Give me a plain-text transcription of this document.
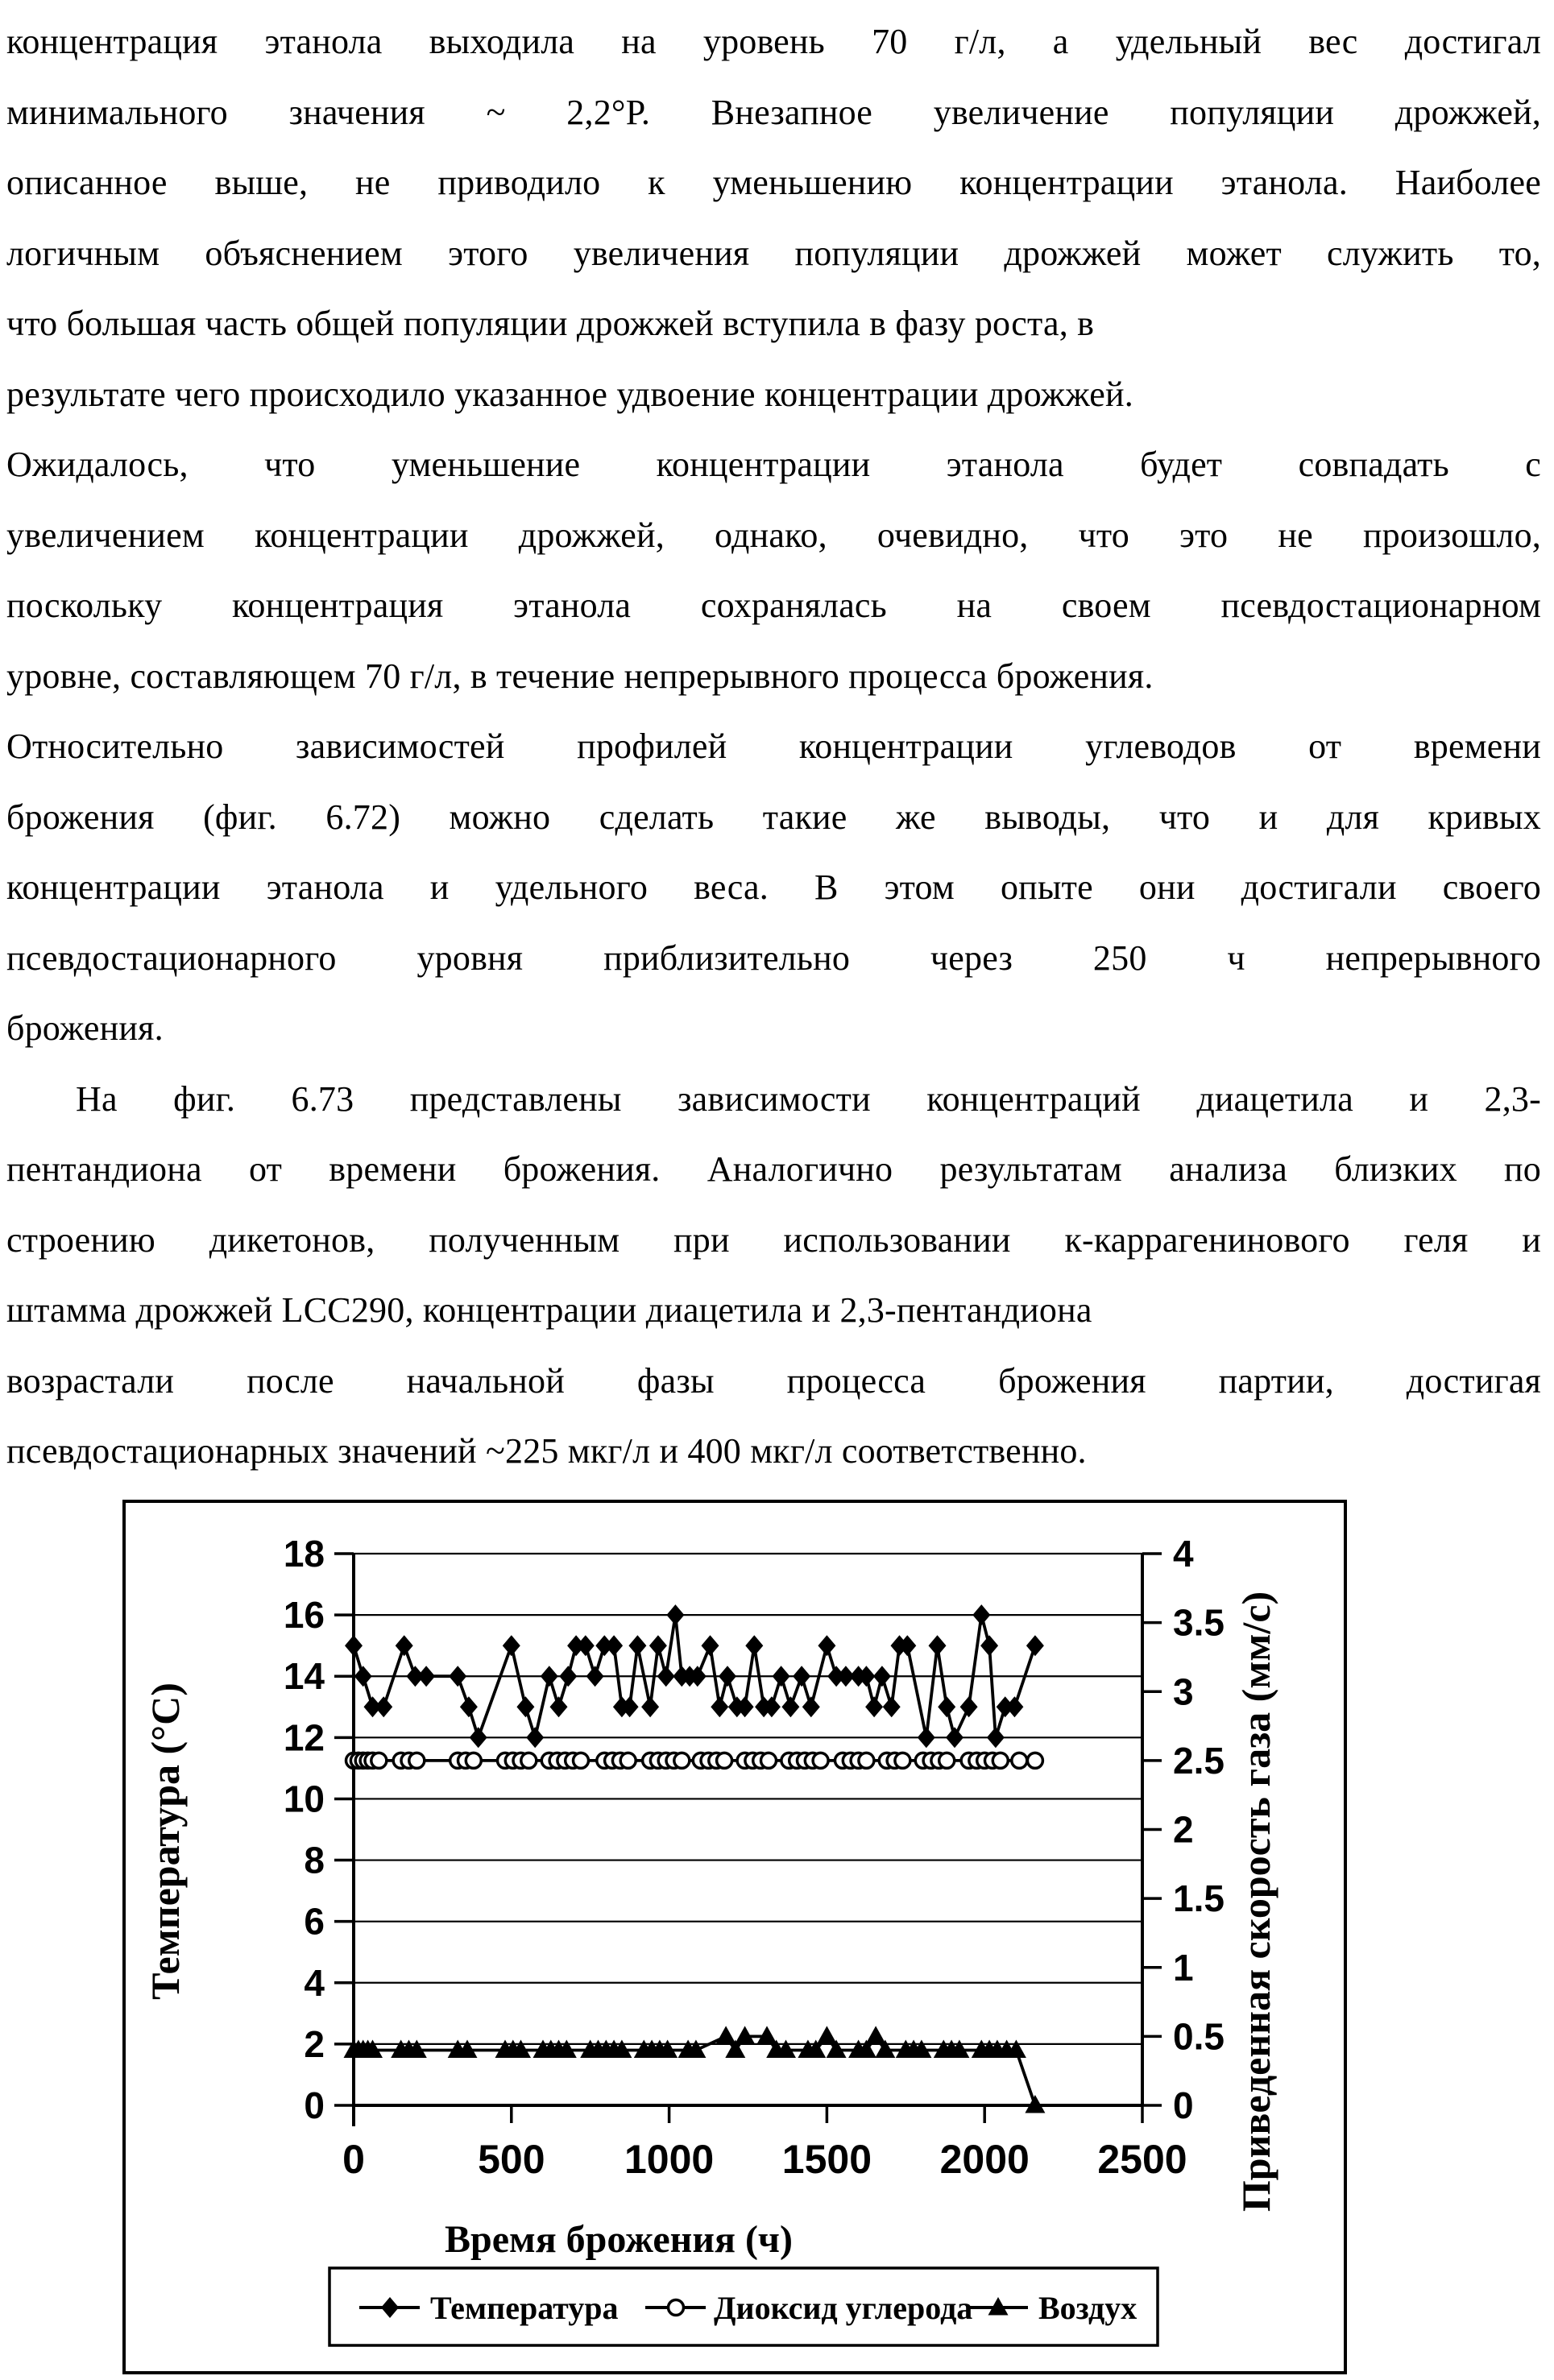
концентрация этанола выходила на уровень 70 г/л, а удельный вес достигал
минимального значения ~ 2,2°Р. Внезапное увеличение популяции дрожжей,
описанное выше, не приводило к уменьшению концентрации этанола. Наиболее
логичным объяснением этого увеличения популяции дрожжей может служить то,
что большая часть общей популяции дрожжей вступила в фазу роста, в
результате чего происходило указанное удвоение концентрации дрожжей.
Ожидалось, что уменьшение концентрации этанола будет совпадать с
увеличением концентрации дрожжей, однако, очевидно, что это не произошло,
поскольку концентрация этанола сохранялась на своем псевдостационарном
уровне, составляющем 70 г/л, в течение непрерывного процесса брожения.
Относительно зависимостей профилей концентрации углеводов от времени
брожения (фиг. 6.72) можно сделать такие же выводы, что и для кривых
концентрации этанола и удельного веса. В этом опыте они достигали своего
псевдостационарного уровня приблизительно через 250 ч непрерывного
брожения.
На фиг. 6.73 представлены зависимости концентраций диацетила и 2,3-
пентандиона от времени брожения. Аналогично результатам анализа близких по
строению дикетонов, полученным при использовании к-каррагенинового геля и
штамма дрожжей LCC290, концентрации диацетила и 2,3-пентандиона
возрастали после начальной фазы процесса брожения партии, достигая
псевдостационарных значений ~225 мкг/л и 400 мкг/л соответственно.
0
2
4
6
8
10
12
14
16
18
0
0.5
1
1.5
2
2.5
3
3.5
4
0	500 1000 1500 2000 2500
Время брожения (ч)
Температура (°С)	Приведенная скорость газа (мм/с)
Температура	Диоксид углерода Воздух
